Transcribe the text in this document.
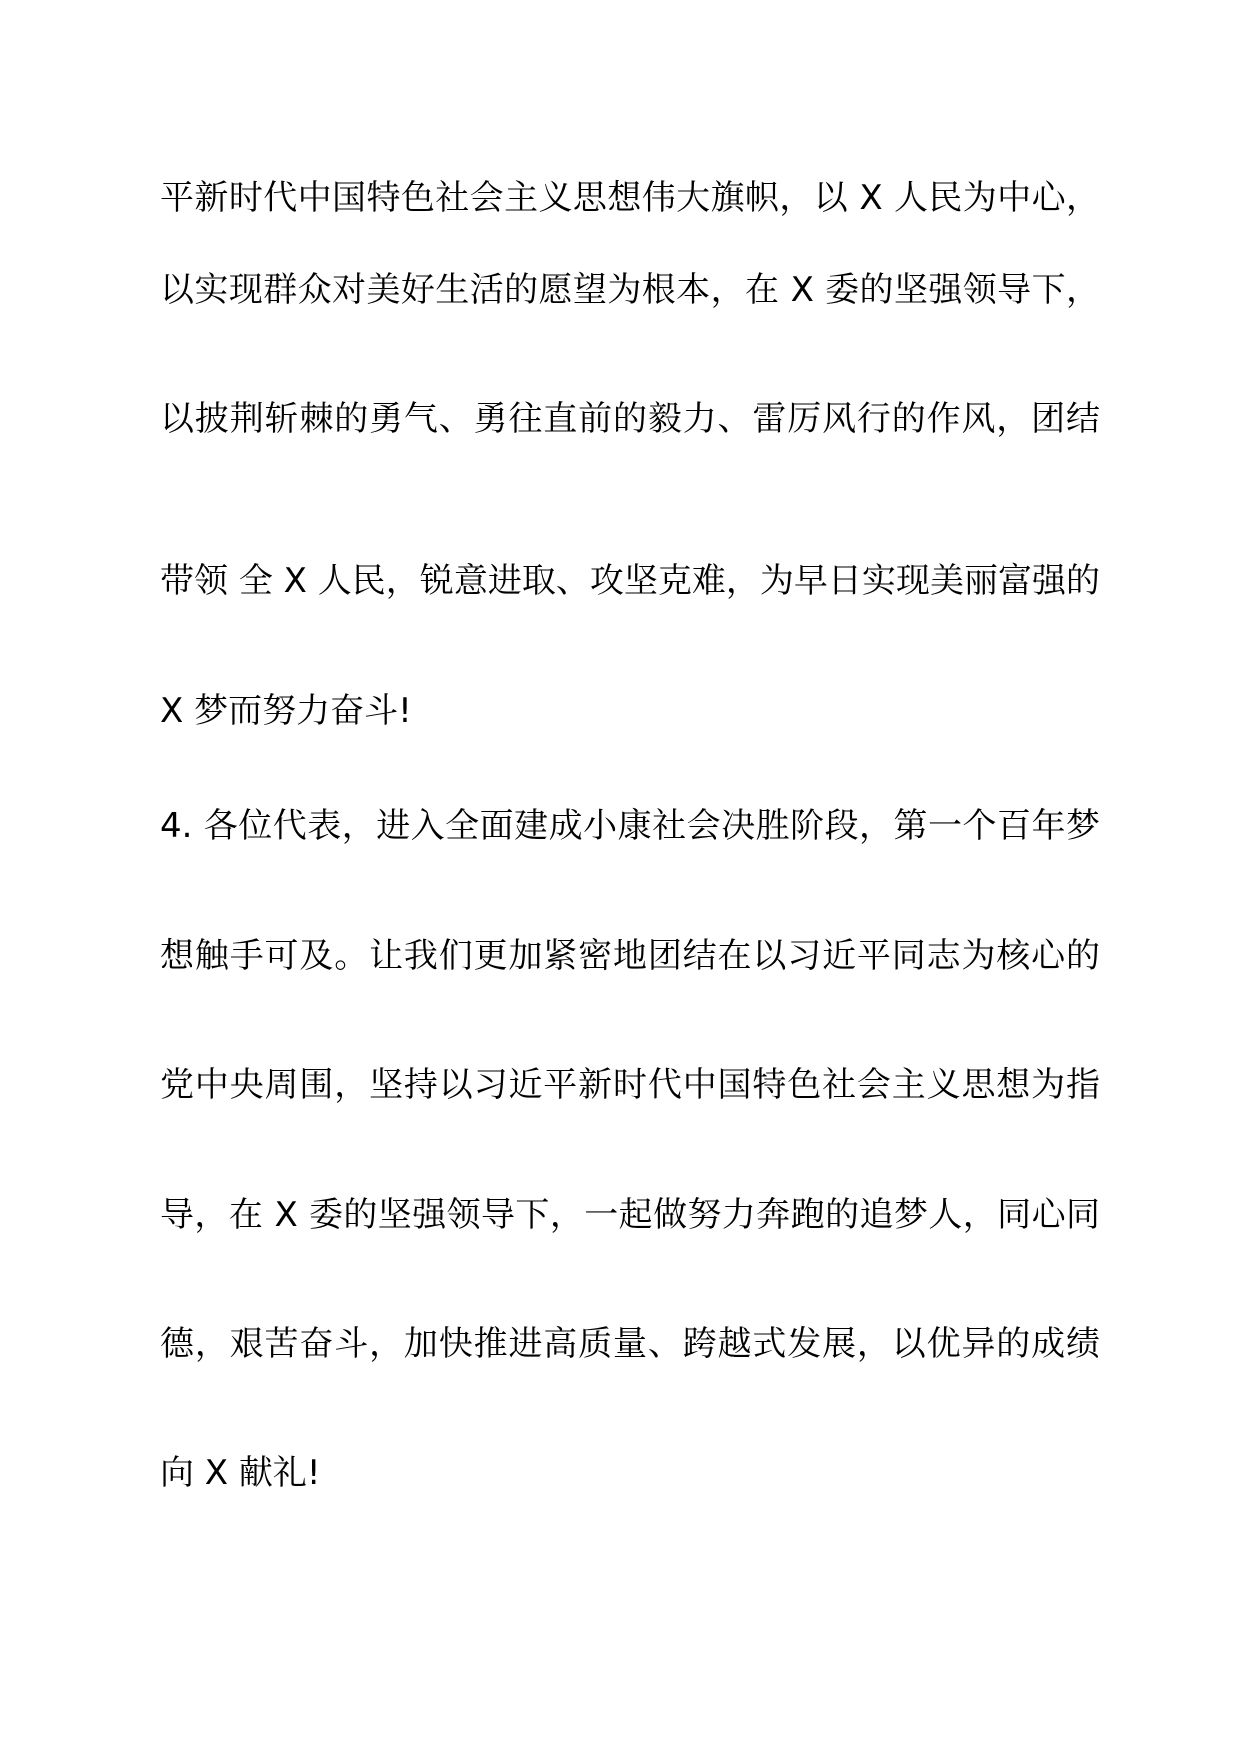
平新时代中国特色社会主义思想伟大旗帜，以 X 人民为中心，
以实现群众对美好生活的愿望为根本，在 X 委的坚强领导下，
以披荆斩棘的勇气、勇往直前的毅力、雷厉风行的作风，团结
带领 全 X 人民，锐意进取、攻坚克难，为早日实现美丽富强的
X 梦而努力奋斗!
4. 各位代表，进入全面建成小康社会决胜阶段，第一个百年梦
想触手可及。让我们更加紧密地团结在以习近平同志为核心的
党中央周围，坚持以习近平新时代中国特色社会主义思想为指
导，在 X 委的坚强领导下，一起做努力奔跑的追梦人，同心同
德，艰苦奋斗，加快推进高质量、跨越式发展，以优异的成绩
向 X 献礼!
